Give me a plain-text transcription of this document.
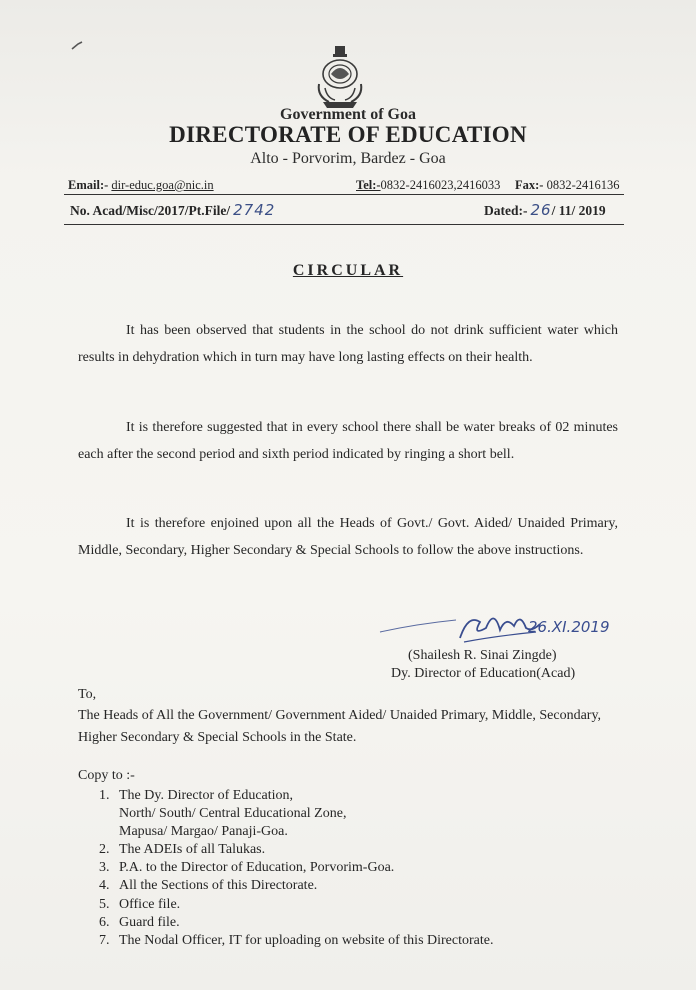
Government of Goa
DIRECTORATE OF EDUCATION
Alto - Porvorim, Bardez - Goa
Email:- dir-educ.goa@nic.in	Tel:-0832-2416023,2416033 Fax:- 0832-2416136
No. Acad/Misc/2017/Pt.File/ 2742	Dated:- 26/ 11/ 2019
CIRCULAR
It has been observed that students in the school do not drink sufficient water which results in dehydration which in turn may have long lasting effects on their health.
It is therefore suggested that in every school there shall be water breaks of 02 minutes each after the second period and sixth period indicated by ringing a short bell.
It is therefore enjoined upon all the Heads of Govt./ Govt. Aided/ Unaided Primary, Middle, Secondary, Higher Secondary & Special Schools to follow the above instructions.
26.XI.2019
(Shailesh R. Sinai Zingde)
Dy. Director of Education(Acad)
To,
The Heads of All the Government/ Government Aided/ Unaided Primary, Middle, Secondary, Higher Secondary & Special Schools in the State.
Copy to :-
1. The Dy. Director of Education,
North/ South/ Central Educational Zone,
Mapusa/ Margao/ Panaji-Goa.
2. The ADEIs of all Talukas.
3. P.A. to the Director of Education, Porvorim-Goa.
4. All the Sections of this Directorate.
5. Office file.
6. Guard file.
7. The Nodal Officer, IT for uploading on website of this Directorate.
